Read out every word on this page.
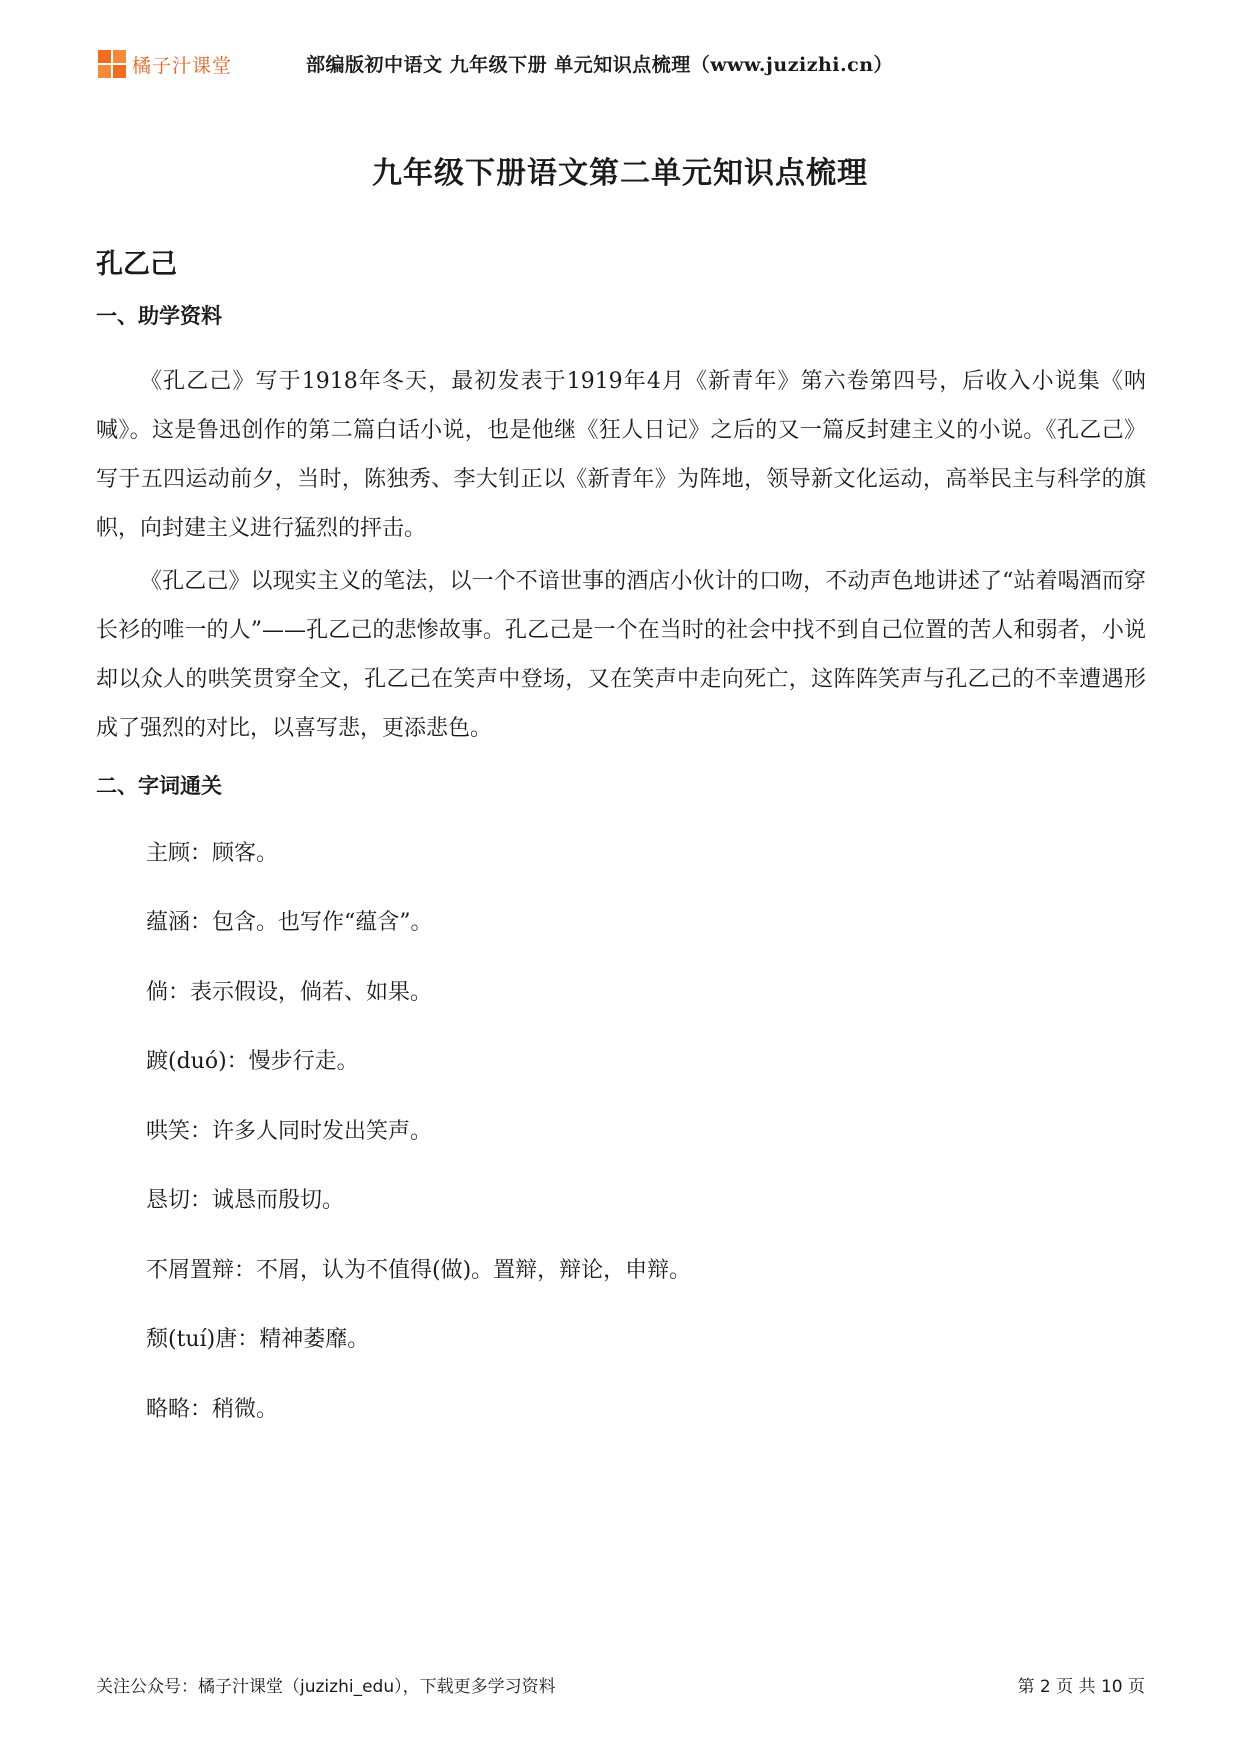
橘子汁课堂	部编版初中语文 九年级下册 单元知识点梳理（www.juzizhi.cn）
九年级下册语文第二单元知识点梳理
孔乙己
一、助学资料
《孔乙己》写于1918年冬天，最初发表于1919年4月《新青年》第六卷第四号，后收入小说集《呐喊》。这是鲁迅创作的第二篇白话小说，也是他继《狂人日记》之后的又一篇反封建主义的小说。《孔乙己》写于五四运动前夕，当时，陈独秀、李大钊正以《新青年》为阵地，领导新文化运动，高举民主与科学的旗帜，向封建主义进行猛烈的抨击。
《孔乙己》以现实主义的笔法，以一个不谙世事的酒店小伙计的口吻，不动声色地讲述了“站着喝酒而穿长衫的唯一的人”——孔乙己的悲惨故事。孔乙己是一个在当时的社会中找不到自己位置的苦人和弱者，小说却以众人的哄笑贯穿全文，孔乙己在笑声中登场，又在笑声中走向死亡，这阵阵笑声与孔乙己的不幸遭遇形成了强烈的对比，以喜写悲，更添悲色。
二、字词通关
主顾：顾客。
蕴涵：包含。也写作“蕴含”。
倘：表示假设，倘若、如果。
踱(duó)：慢步行走。
哄笑：许多人同时发出笑声。
恳切：诚恳而殷切。
不屑置辩：不屑，认为不值得(做)。置辩，辩论，申辩。
颓(tuí)唐：精神萎靡。
略略：稍微。
关注公众号：橘子汁课堂（juzizhi_edu），下载更多学习资料	第 2 页 共 10 页
